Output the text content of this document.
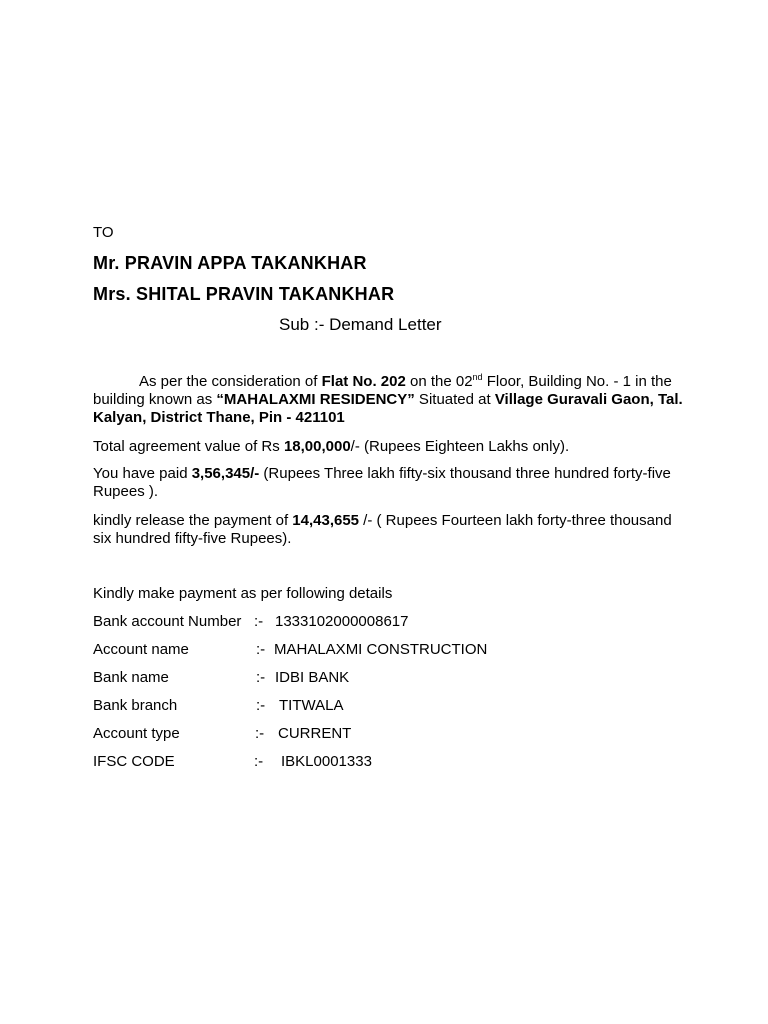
TO
Mr. PRAVIN APPA TAKANKHAR
Mrs. SHITAL PRAVIN TAKANKHAR
Sub :- Demand Letter
As per the consideration of Flat No. 202 on the 02nd Floor, Building No. - 1 in the building known as “MAHALAXMI RESIDENCY” Situated at Village Guravali Gaon, Tal. Kalyan, District Thane, Pin - 421101
Total agreement value of Rs 18,00,000/- (Rupees Eighteen Lakhs only).
You have paid 3,56,345/- (Rupees Three lakh fifty-six thousand three hundred forty-five Rupees ).
kindly release the payment of 14,43,655 /- ( Rupees Fourteen lakh forty-three thousand six hundred fifty-five Rupees).
Kindly make payment as per following details
Bank account Number :- 1333102000008617
Account name	:- MAHALAXMI CONSTRUCTION
Bank name	:- IDBI BANK
Bank branch	:- TITWALA
Account type	:- CURRENT
IFSC CODE	:- IBKL0001333
